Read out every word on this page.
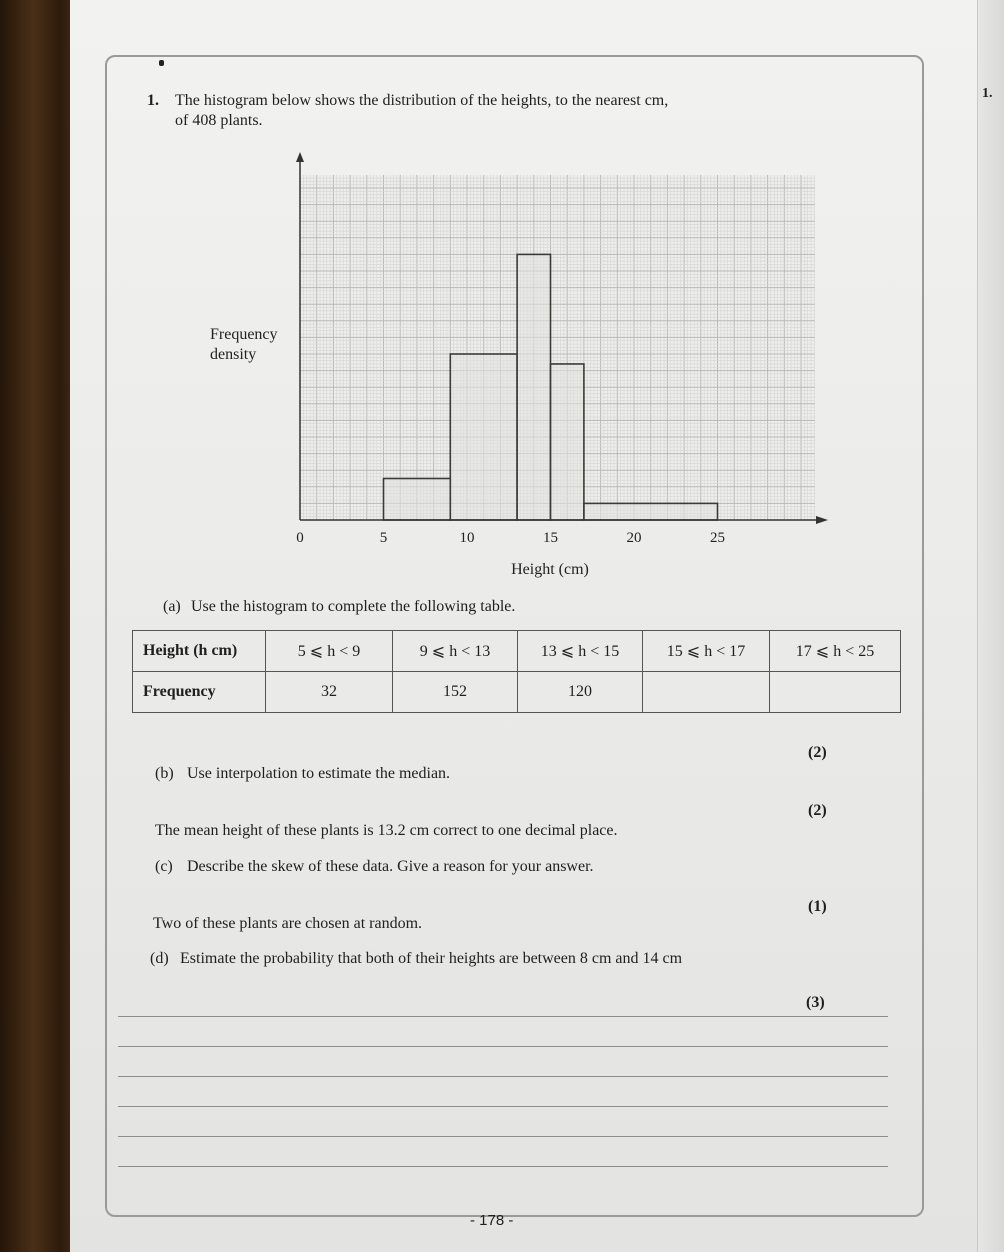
1.
1. The histogram below shows the distribution of the heights, to the nearest cm,
of 408 plants.
0	5	10	15	20	25
Frequency
density
Height (cm)
(a) Use the histogram to complete the following table.
Height (h cm)	5 ⩽ h < 9	9 ⩽ h < 13	13 ⩽ h < 15	15 ⩽ h < 17	17 ⩽ h < 25
Frequency	32	152	120		
(2)
(b) Use interpolation to estimate the median.
(2)
The mean height of these plants is 13.2 cm correct to one decimal place.
(c) Describe the skew of these data. Give a reason for your answer.
(1)
Two of these plants are chosen at random.
(d) Estimate the probability that both of their heights are between 8 cm and 14 cm
(3)
- 178 -
